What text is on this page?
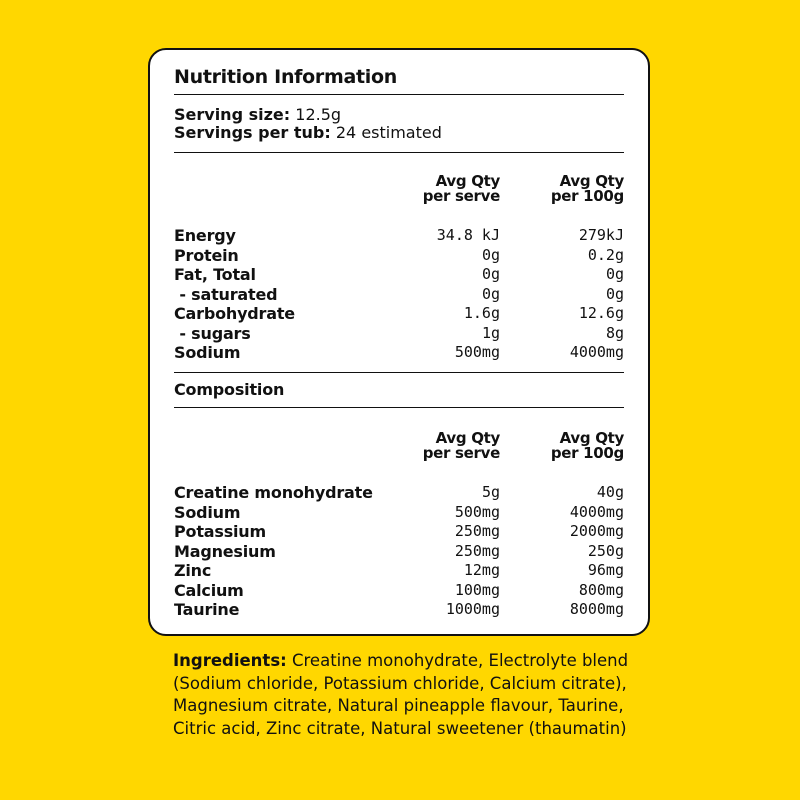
Nutrition Information
Serving size: 12.5g
Servings per tub: 24 estimated
Avg Qty
per serve
Avg Qty
per 100g
Energy	34.8 kJ	279kJ
Protein	0g	0.2g
Fat, Total	0g	0g
- saturated	0g	0g
Carbohydrate	1.6g	12.6g
- sugars	1g	8g
Sodium	500mg	4000mg
Composition
Avg Qty
per serve
Avg Qty
per 100g
Creatine monohydrate	5g	40g
Sodium	500mg	4000mg
Potassium	250mg	2000mg
Magnesium	250mg	250g
Zinc	12mg	96mg
Calcium	100mg	800mg
Taurine	1000mg	8000mg
Ingredients: Creatine monohydrate, Electrolyte blend (Sodium chloride, Potassium chloride, Calcium citrate), Magnesium citrate, Natural pineapple flavour, Taurine, Citric acid, Zinc citrate, Natural sweetener (thaumatin)
